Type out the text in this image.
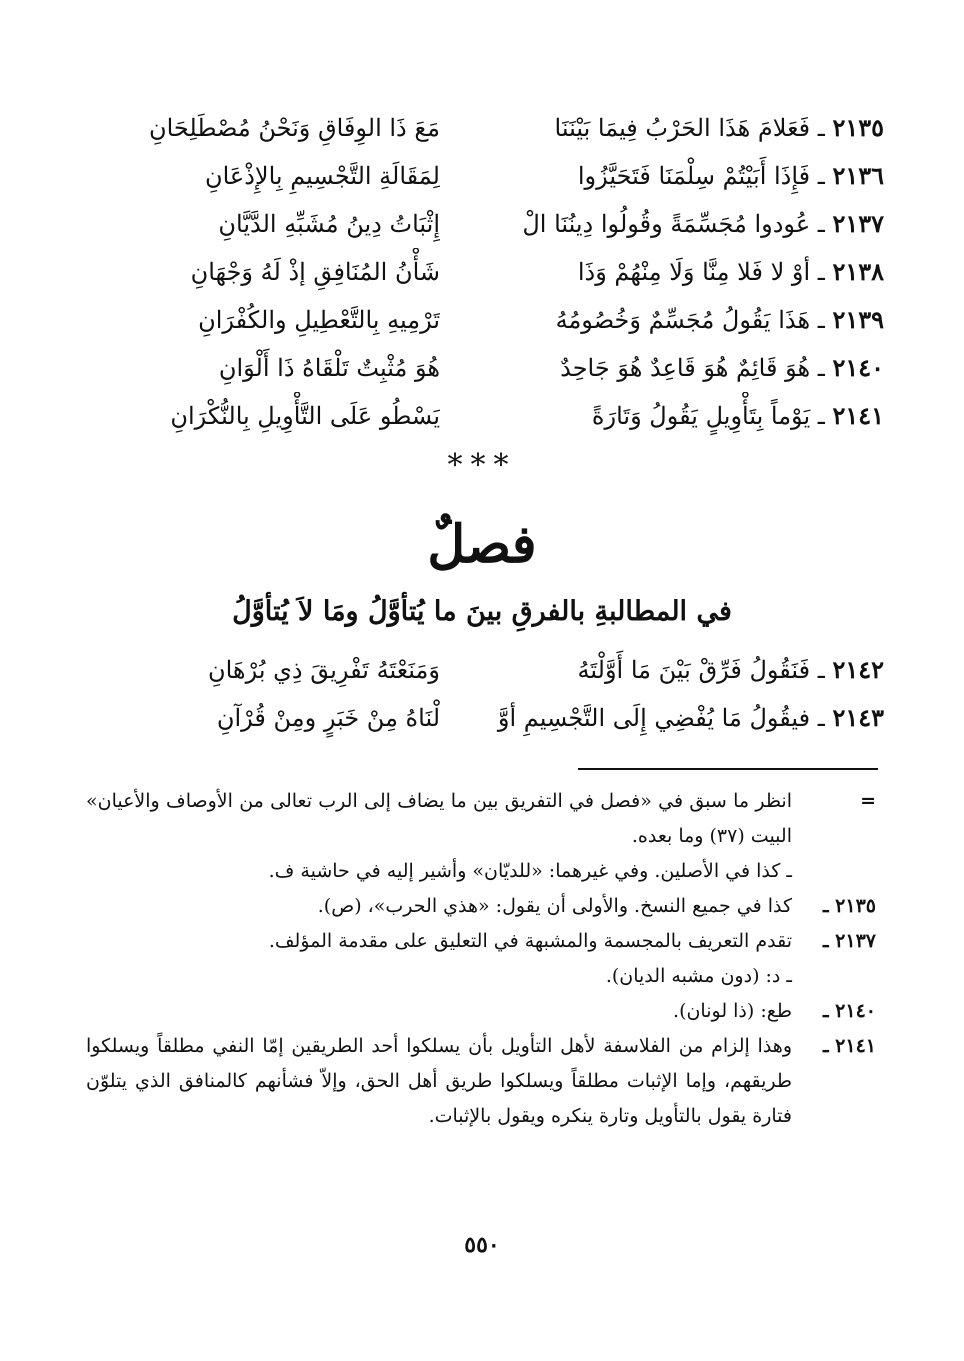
٢١٣٥ ـ فَعَلامَ هَذَا الحَرْبُ فِيمَا بَيْنَنَا
مَعَ ذَا الوِفَاقِ وَنَحْنُ مُصْطَلِحَانِ
٢١٣٦ ـ فَإِذَا أَبَيْتُمْ سِلْمَنَا فَتَحَيَّزُوا
لِمَقَالَةِ التَّجْسِيمِ بِالإِذْعَانِ
٢١٣٧ ـ عُودوا مُجَسِّمَةً وقُولُوا دِينُنَا الْ
إِثْبَاتُ دِينُ مُشَبِّهِ الدَّيَّانِ
٢١٣٨ ـ أوْ لا فَلا مِنَّا وَلَا مِنْهُمْ وَذَا
شَأْنُ المُنَافِقِ إذْ لَهُ وَجْهَانِ
٢١٣٩ ـ هَذَا يَقُولُ مُجَسِّمٌ وَخُصُومُهُ
تَرْمِيهِ بِالتَّعْطِيلِ والكُفْرَانِ
٢١٤٠ ـ هُوَ قَائِمٌ هُوَ قَاعِدٌ هُوَ جَاحِدٌ
هُوَ مُثْبِتٌ تَلْقَاهُ ذَا أَلْوَانِ
٢١٤١ ـ يَوْماً بِتَأْوِيلٍ يَقُولُ وَتَارَةً
يَسْطُو عَلَى التَّأْوِيلِ بِالنُّكْرَانِ
***
فصلٌ
في المطالبةِ بالفرقِ بينَ ما يُتأوَّلُ ومَا لاَ يُتأوَّلُ
٢١٤٢ ـ فَنَقُولُ فَرِّقْ بَيْنَ مَا أَوَّلْتَهُ
وَمَنَعْتَهُ تَفْرِيقَ ذِي بُرْهَانِ
٢١٤٣ ـ فيقُولُ مَا يُفْضِي إِلَى التَّجْسِيمِ أوَّ
لْنَاهُ مِنْ خَبَرٍ ومِنْ قُرْآنِ
=
انظر ما سبق في «فصل في التفريق بين ما يضاف إلى الرب تعالى من الأوصاف والأعيان» البيت (٣٧) وما بعده.
ـ كذا في الأصلين. وفي غيرهما: «للديّان» وأشير إليه في حاشية ف.
٢١٣٥ ـ
كذا في جميع النسخ. والأولى أن يقول: «هذي الحرب»، (ص).
٢١٣٧ ـ
تقدم التعريف بالمجسمة والمشبهة في التعليق على مقدمة المؤلف.
ـ د: (دون مشبه الديان).
٢١٤٠ ـ
طع: (ذا لونان).
٢١٤١ ـ
وهذا إلزام من الفلاسفة لأهل التأويل بأن يسلكوا أحد الطريقين إمّا النفي مطلقاً ويسلكوا طريقهم، وإما الإثبات مطلقاً ويسلكوا طريق أهل الحق، وإلاّ فشأنهم كالمنافق الذي يتلوّن فتارة يقول بالتأويل وتارة ينكره ويقول بالإثبات.
٥٥٠
